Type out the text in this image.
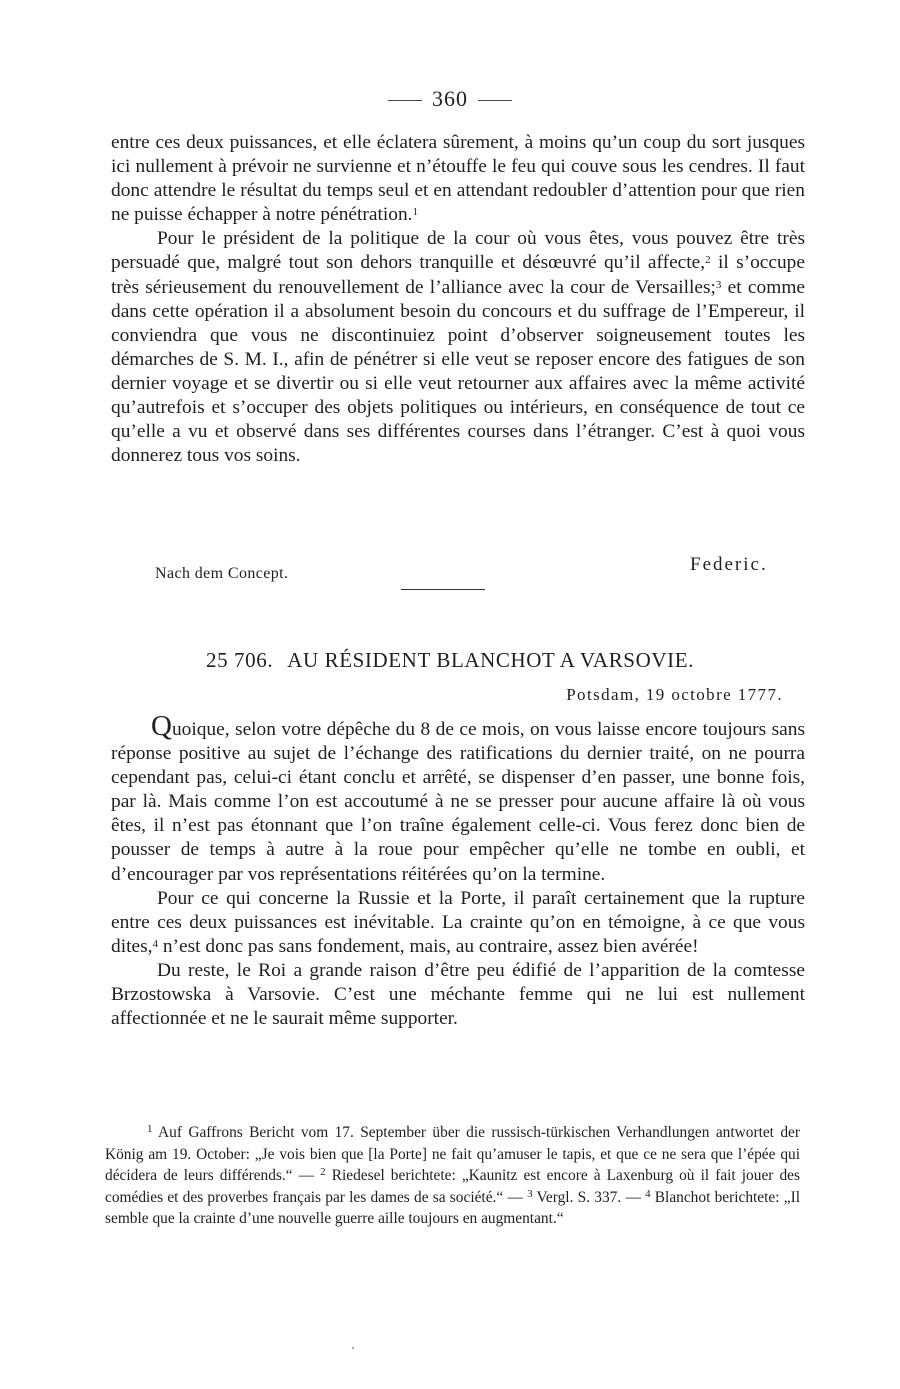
360

entre ces deux puissances, et elle éclatera sûrement, à moins qu’un coup du sort jusques ici nullement à prévoir ne survienne et n’étouffe le feu qui couve sous les cendres. Il faut donc attendre le résultat du temps seul et en attendant redoubler d’attention pour que rien ne puisse échapper à notre pénétration.$^1$

Pour le président de la politique de la cour où vous êtes, vous pouvez être très persuadé que, malgré tout son dehors tranquille et désœuvré qu’il affecte,$^2$ il s’occupe très sérieusement du renouvellement de l’alliance avec la cour de Versailles;$^3$ et comme dans cette opération il a absolument besoin du concours et du suffrage de l’Empereur, il conviendra que vous ne discontinuiez point d’observer soigneusement toutes les démarches de S. M. I., afin de pénétrer si elle veut se reposer encore des fatigues de son dernier voyage et se divertir ou si elle veut retourner aux affaires avec la même activité qu’autrefois et s’occuper des objets politiques ou intérieurs, en conséquence de tout ce qu’elle a vu et observé dans ses différentes courses dans l’étranger. C’est à quoi vous donnerez tous vos soins.

Federic.
Nach dem Concept.
25 706. AU RÉSIDENT BLANCHOT A VARSOVIE.
Potsdam, 19 octobre 1777.

Quoique, selon votre dépêche du 8 de ce mois, on vous laisse encore toujours sans réponse positive au sujet de l’échange des ratifications du dernier traité, on ne pourra cependant pas, celui-ci étant conclu et arrêté, se dispenser d’en passer, une bonne fois, par là. Mais comme l’on est accoutumé à ne se presser pour aucune affaire là où vous êtes, il n’est pas étonnant que l’on traîne également celle-ci. Vous ferez donc bien de pousser de temps à autre à la roue pour empêcher qu’elle ne tombe en oubli, et d’encourager par vos représentations réitérées qu’on la termine.

Pour ce qui concerne la Russie et la Porte, il paraît certainement que la rupture entre ces deux puissances est inévitable. La crainte qu’on en témoigne, à ce que vous dites,$^4$ n’est donc pas sans fondement, mais, au contraire, assez bien avérée!

Du reste, le Roi a grande raison d’être peu édifié de l’apparition de la comtesse Brzostowska à Varsovie. C’est une méchante femme qui ne lui est nullement affectionnée et ne le saurait même supporter.

$^1$ Auf Gaffrons Bericht vom 17. September über die russisch-türkischen Verhandlungen antwortet der König am 19. October: „Je vois bien que [la Porte] ne fait qu’amuser le tapis, et que ce ne sera que l’épée qui décidera de leurs différends.“ — $^2$ Riedesel berichtete: „Kaunitz est encore à Laxenburg où il fait jouer des comédies et des proverbes français par les dames de sa société.“ — $^3$ Vergl. S. 337. — $^4$ Blanchot berichtete: „Il semble que la crainte d’une nouvelle guerre aille toujours en augmentant.“
